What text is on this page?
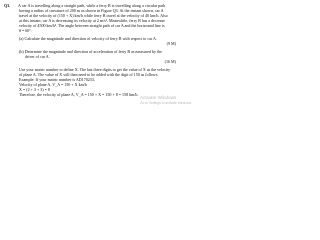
Q3. A car A is travelling along a straight path, while a ferry B is travelling along a circular path
having a radius of curvature of 200 m as shown in Figure Q3. At the instant shown, car A
travel at the velocity of (150 + X) km/h while ferry B travel at the velocity of 40 km/h. Also
at this instant, car A is decreasing its velocity at 2 m/s². Meanwhile, ferry B has a decrease
velocity of 4500 km/h². The angle between straight path of car A and the horizontal line is
θ = 60°.
(a) Calculate the magnitude and direction of velocity of ferry B with respect to car A.
(9 M)
(b) Determine the magnitude and direction of acceleration of ferry B as measured by the
driver of car A.
(16 M)
Use your matric number to define X. The last three digits to get the value of X as the velocity
of plane A. The value of X will then need to be added with the digit of 150 as follows.
Example: If your matric number is AD170233,
Velocity of plane A, V_A = 150 + X km/h
X = (2 + 3 + 3) = 8
Therefore, the velocity of plane A, V_A = 150 + X = 150 + 8 = 158 km/h.
Activate Windows
Go to Settings to activate Windows.
